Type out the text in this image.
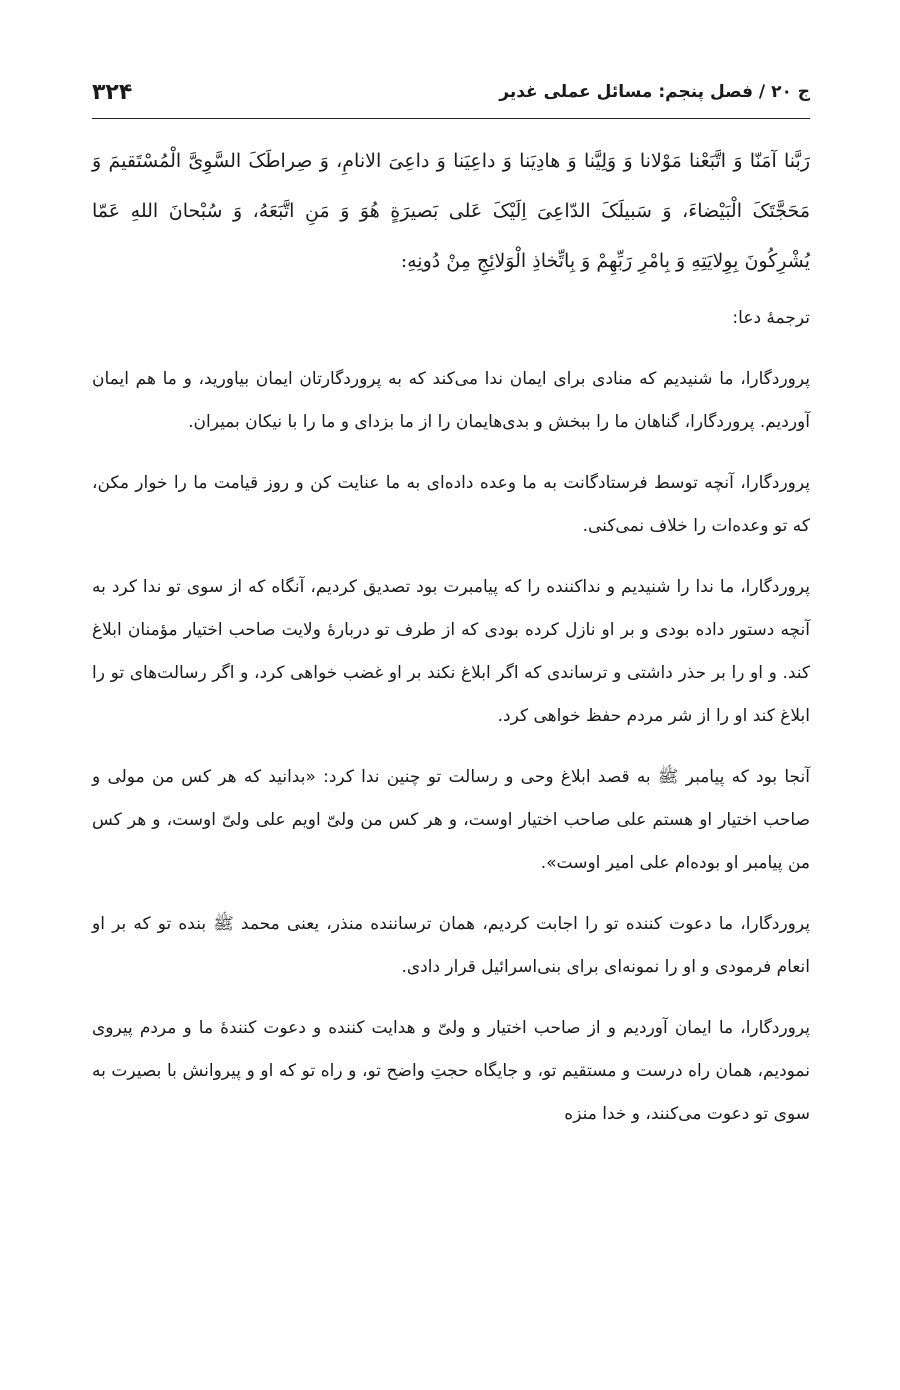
ج ۲۰ / فصل پنجم: مسائل عملی غدیر
۳۲۴

رَبَّنا آمَنّا وَ اتَّبَعْنا مَوْلانا وَ وَلِیَّنا وَ هادِیَنا وَ داعِیَنا وَ داعِیَ الانامِ، وَ صِراطَکَ السَّوِیَّ الْمُسْتَقیمَ وَ مَحَجَّتَکَ الْبَیْضاءَ، وَ سَبیلَکَ الدّاعِیَ اِلَیْکَ عَلی بَصیرَةٍ هُوَ وَ مَنِ اتَّبَعَهُ، وَ سُبْحانَ اللهِ عَمّا یُشْرِکُونَ بِوِلایَتِهِ وَ بِامْرِ رَبِّهِمْ وَ بِاتِّخاذِ الْوَلائِجِ مِنْ دُونِهِ:

ترجمهٔ دعا:

پروردگارا، ما شنیدیم که منادی برای ایمان ندا می‌کند که به پروردگارتان ایمان بیاورید، و ما هم ایمان آوردیم. پروردگارا، گناهان ما را ببخش و بدی‌هایمان را از ما بزدای و ما را با نیکان بمیران.

پروردگارا، آنچه توسط فرستادگانت به ما وعده داده‌ای به ما عنایت کن و روز قیامت ما را خوار مکن، که تو وعده‌ات را خلاف نمی‌کنی.

پروردگارا، ما ندا را شنیدیم و نداکننده را که پیامبرت بود تصدیق کردیم، آنگاه که از سوی تو ندا کرد به آنچه دستور داده بودی و بر او نازل کرده بودی که از طرف تو دربارهٔ ولایت صاحب اختیار مؤمنان ابلاغ کند. و او را بر حذر داشتی و ترساندی که اگر ابلاغ نکند بر او غضب خواهی کرد، و اگر رسالت‌های تو را ابلاغ کند او را از شر مردم حفظ خواهی کرد.

آنجا بود که پیامبر ﷺ به قصد ابلاغ وحی و رسالت تو چنین ندا کرد: «بدانید که هر کس من مولی و صاحب اختیار او هستم علی صاحب اختیار اوست، و هر کس من ولیّ اویم علی ولیّ اوست، و هر کس من پیامبر او بوده‌ام علی امیر اوست».

پروردگارا، ما دعوت کننده تو را اجابت کردیم، همان ترساننده منذر، یعنی محمد ﷺ بنده تو که بر او انعام فرمودی و او را نمونه‌ای برای بنی‌اسرائیل قرار دادی.

پروردگارا، ما ایمان آوردیم و از صاحب اختیار و ولیّ و هدایت کننده و دعوت کنندهٔ ما و مردم پیروی نمودیم، همان راه درست و مستقیم تو، و جایگاه حجتِ واضح تو، و راه تو که او و پیروانش با بصیرت به سوی تو دعوت می‌کنند، و خدا منزه
